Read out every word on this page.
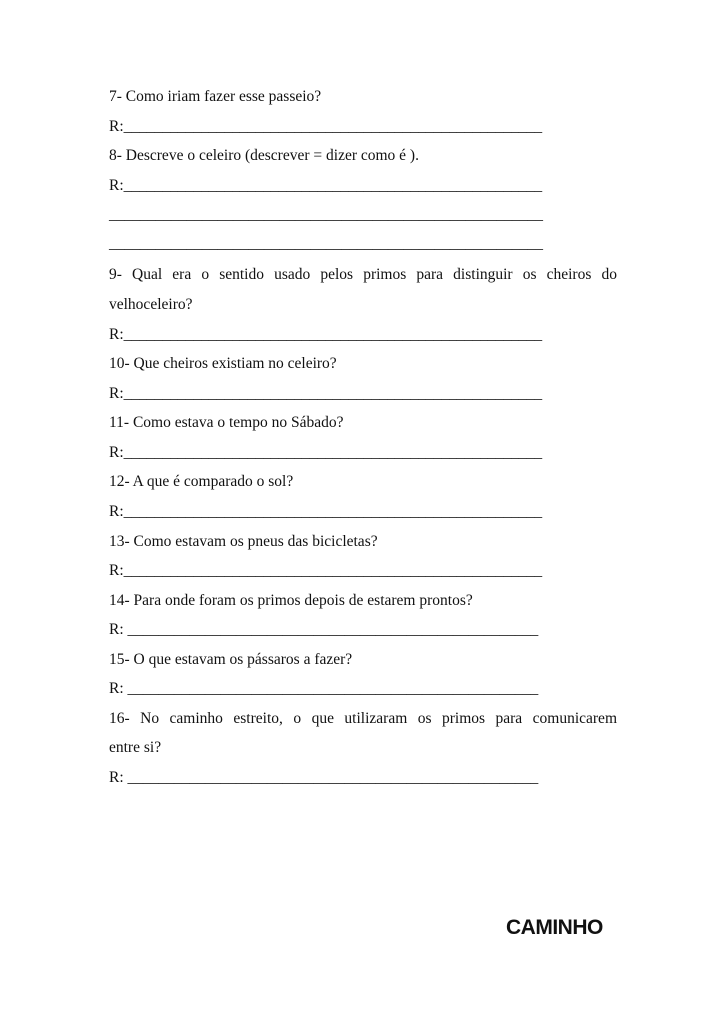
7- Como iriam fazer esse passeio?
R:______________________________________________________
8- Descreve o celeiro (descrever = dizer como é ).
R:______________________________________________________
________________________________________________________
________________________________________________________
9- Qual era o sentido usado pelos primos para distinguir os cheiros do
velhoceleiro?
R:______________________________________________________
10- Que cheiros existiam no celeiro?
R:______________________________________________________
11- Como estava o tempo no Sábado?
R:______________________________________________________
12- A que é comparado o sol?
R:______________________________________________________
13- Como estavam os pneus das bicicletas?
R:______________________________________________________
14- Para onde foram os primos depois de estarem prontos?
R: _____________________________________________________
15- O que estavam os pássaros a fazer?
R: _____________________________________________________
16- No caminho estreito, o que utilizaram os primos para comunicarem
entre si?
R: _____________________________________________________
CAMINHO
